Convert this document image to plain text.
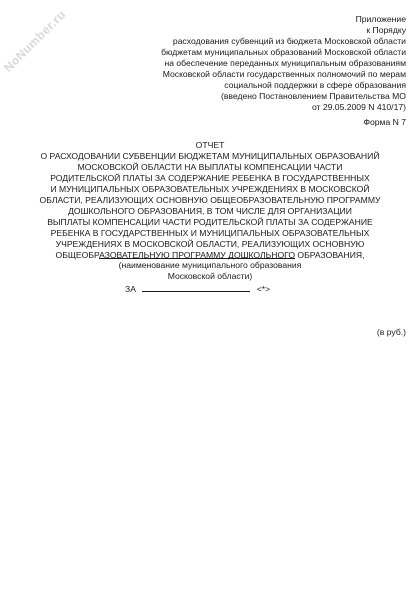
NoNumber.ru	Приложение
к Порядку
расходования субвенций из бюджета Московской области
бюджетам муниципальных образований Московской области
на обеспечение переданных муниципальным образованиям
Московской области государственных полномочий по мерам
социальной поддержки в сфере образования
(введено Постановлением Правительства МО
от 29.05.2009 N 410/17)
Форма N 7
ОТЧЕТ
О РАСХОДОВАНИИ СУБВЕНЦИИ БЮДЖЕТАМ МУНИЦИПАЛЬНЫХ ОБРАЗОВАНИЙ
МОСКОВСКОЙ ОБЛАСТИ НА ВЫПЛАТЫ КОМПЕНСАЦИИ ЧАСТИ
РОДИТЕЛЬСКОЙ ПЛАТЫ ЗА СОДЕРЖАНИЕ РЕБЕНКА В ГОСУДАРСТВЕННЫХ
И МУНИЦИПАЛЬНЫХ ОБРАЗОВАТЕЛЬНЫХ УЧРЕЖДЕНИЯХ В МОСКОВСКОЙ
ОБЛАСТИ, РЕАЛИЗУЮЩИХ ОСНОВНУЮ ОБЩЕОБРАЗОВАТЕЛЬНУЮ ПРОГРАММУ
ДОШКОЛЬНОГО ОБРАЗОВАНИЯ, В ТОМ ЧИСЛЕ ДЛЯ ОРГАНИЗАЦИИ
ВЫПЛАТЫ КОМПЕНСАЦИИ ЧАСТИ РОДИТЕЛЬСКОЙ ПЛАТЫ ЗА СОДЕРЖАНИЕ
РЕБЕНКА В ГОСУДАРСТВЕННЫХ И МУНИЦИПАЛЬНЫХ ОБРАЗОВАТЕЛЬНЫХ
УЧРЕЖДЕНИЯХ В МОСКОВСКОЙ ОБЛАСТИ, РЕАЛИЗУЮЩИХ ОСНОВНУЮ
ОБЩЕОБРАЗОВАТЕЛЬНУЮ ПРОГРАММУ ДОШКОЛЬНОГО ОБРАЗОВАНИЯ,
(наименование муниципального образования
Московской области)
ЗА	<*>
(в руб.)
